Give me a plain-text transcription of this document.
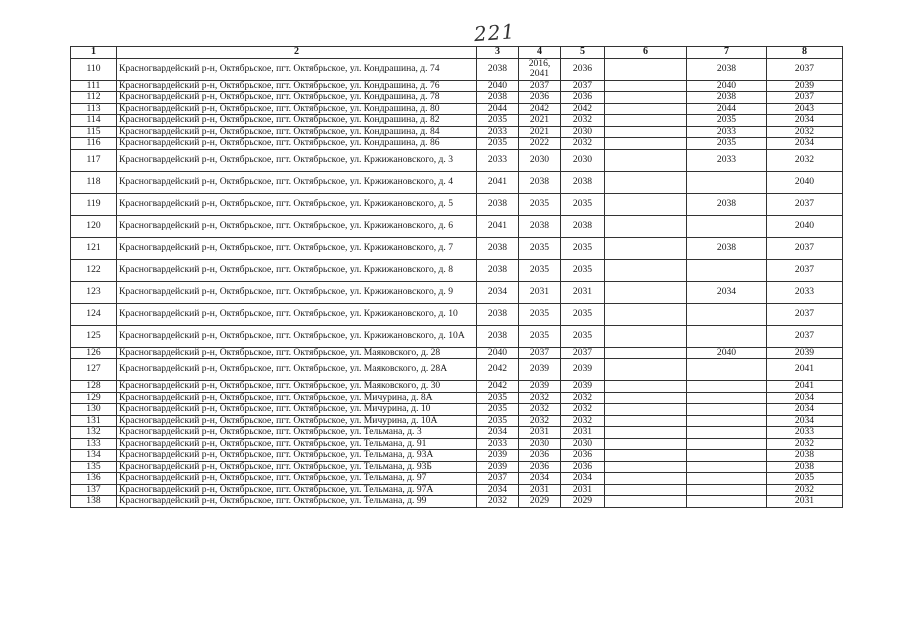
221
1	2	3	4	5	6	7	8
110	Красногвардейский р-н, Октябрьское, пгт. Октябрьское, ул. Кондрашина, д. 74	2038	2016, 2041	2036		2038	2037
111	Красногвардейский р-н, Октябрьское, пгт. Октябрьское, ул. Кондрашина, д. 76	2040	2037	2037		2040	2039
112	Красногвардейский р-н, Октябрьское, пгт. Октябрьское, ул. Кондрашина, д. 78	2038	2036	2036		2038	2037
113	Красногвардейский р-н, Октябрьское, пгт. Октябрьское, ул. Кондрашина, д. 80	2044	2042	2042		2044	2043
114	Красногвардейский р-н, Октябрьское, пгт. Октябрьское, ул. Кондрашина, д. 82	2035	2021	2032		2035	2034
115	Красногвардейский р-н, Октябрьское, пгт. Октябрьское, ул. Кондрашина, д. 84	2033	2021	2030		2033	2032
116	Красногвардейский р-н, Октябрьское, пгт. Октябрьское, ул. Кондрашина, д. 86	2035	2022	2032		2035	2034
117	Красногвардейский р-н, Октябрьское, пгт. Октябрьское, ул. Кржижановского, д. 3	2033	2030	2030		2033	2032
118	Красногвардейский р-н, Октябрьское, пгт. Октябрьское, ул. Кржижановского, д. 4	2041	2038	2038			2040
119	Красногвардейский р-н, Октябрьское, пгт. Октябрьское, ул. Кржижановского, д. 5	2038	2035	2035		2038	2037
120	Красногвардейский р-н, Октябрьское, пгт. Октябрьское, ул. Кржижановского, д. 6	2041	2038	2038			2040
121	Красногвардейский р-н, Октябрьское, пгт. Октябрьское, ул. Кржижановского, д. 7	2038	2035	2035		2038	2037
122	Красногвардейский р-н, Октябрьское, пгт. Октябрьское, ул. Кржижановского, д. 8	2038	2035	2035			2037
123	Красногвардейский р-н, Октябрьское, пгт. Октябрьское, ул. Кржижановского, д. 9	2034	2031	2031		2034	2033
124	Красногвардейский р-н, Октябрьское, пгт. Октябрьское, ул. Кржижановского, д. 10	2038	2035	2035			2037
125	Красногвардейский р-н, Октябрьское, пгт. Октябрьское, ул. Кржижановского, д. 10А	2038	2035	2035			2037
126	Красногвардейский р-н, Октябрьское, пгт. Октябрьское, ул. Маяковского, д. 28	2040	2037	2037		2040	2039
127	Красногвардейский р-н, Октябрьское, пгт. Октябрьское, ул. Маяковского, д. 28А	2042	2039	2039			2041
128	Красногвардейский р-н, Октябрьское, пгт. Октябрьское, ул. Маяковского, д. 30	2042	2039	2039			2041
129	Красногвардейский р-н, Октябрьское, пгт. Октябрьское, ул. Мичурина, д. 8А	2035	2032	2032			2034
130	Красногвардейский р-н, Октябрьское, пгт. Октябрьское, ул. Мичурина, д. 10	2035	2032	2032			2034
131	Красногвардейский р-н, Октябрьское, пгт. Октябрьское, ул. Мичурина, д. 10А	2035	2032	2032			2034
132	Красногвардейский р-н, Октябрьское, пгт. Октябрьское, ул. Тельмана, д. 3	2034	2031	2031			2033
133	Красногвардейский р-н, Октябрьское, пгт. Октябрьское, ул. Тельмана, д. 91	2033	2030	2030			2032
134	Красногвардейский р-н, Октябрьское, пгт. Октябрьское, ул. Тельмана, д. 93А	2039	2036	2036			2038
135	Красногвардейский р-н, Октябрьское, пгт. Октябрьское, ул. Тельмана, д. 93Б	2039	2036	2036			2038
136	Красногвардейский р-н, Октябрьское, пгт. Октябрьское, ул. Тельмана, д. 97	2037	2034	2034			2035
137	Красногвардейский р-н, Октябрьское, пгт. Октябрьское, ул. Тельмана, д. 97А	2034	2031	2031			2032
138	Красногвардейский р-н, Октябрьское, пгт. Октябрьское, ул. Тельмана, д. 99	2032	2029	2029			2031
